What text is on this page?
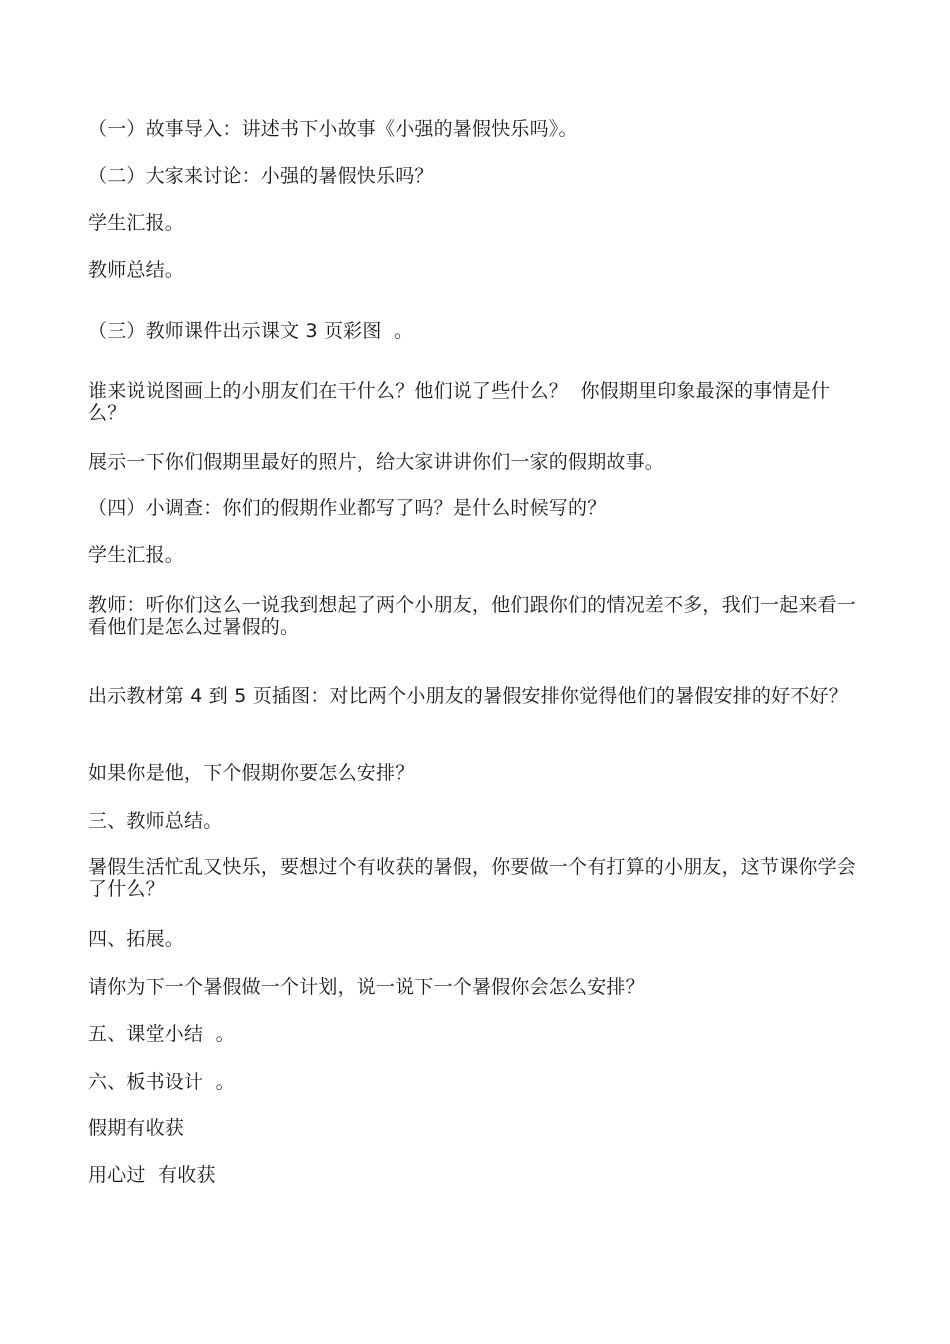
（一）故事导入：讲述书下小故事《小强的暑假快乐吗》。
（二）大家来讨论：小强的暑假快乐吗？
学生汇报。
教师总结。
（三）教师课件出示课文 3 页彩图  。
谁来说说图画上的小朋友们在干什么？他们说了些什么？  你假期里印象最深的事情是什么？
展示一下你们假期里最好的照片，给大家讲讲你们一家的假期故事。
（四）小调查：你们的假期作业都写了吗？是什么时候写的？
学生汇报。
教师：听你们这么一说我到想起了两个小朋友，他们跟你们的情况差不多，我们一起来看一看他们是怎么过暑假的。
出示教材第 4 到 5 页插图：对比两个小朋友的暑假安排你觉得他们的暑假安排的好不好？
如果你是他，下个假期你要怎么安排？
三、教师总结。
暑假生活忙乱又快乐，要想过个有收获的暑假，你要做一个有打算的小朋友，这节课你学会了什么？
四、拓展。
请你为下一个暑假做一个计划，说一说下一个暑假你会怎么安排？
五、课堂小结  。
六、板书设计  。
假期有收获
用心过  有收获
